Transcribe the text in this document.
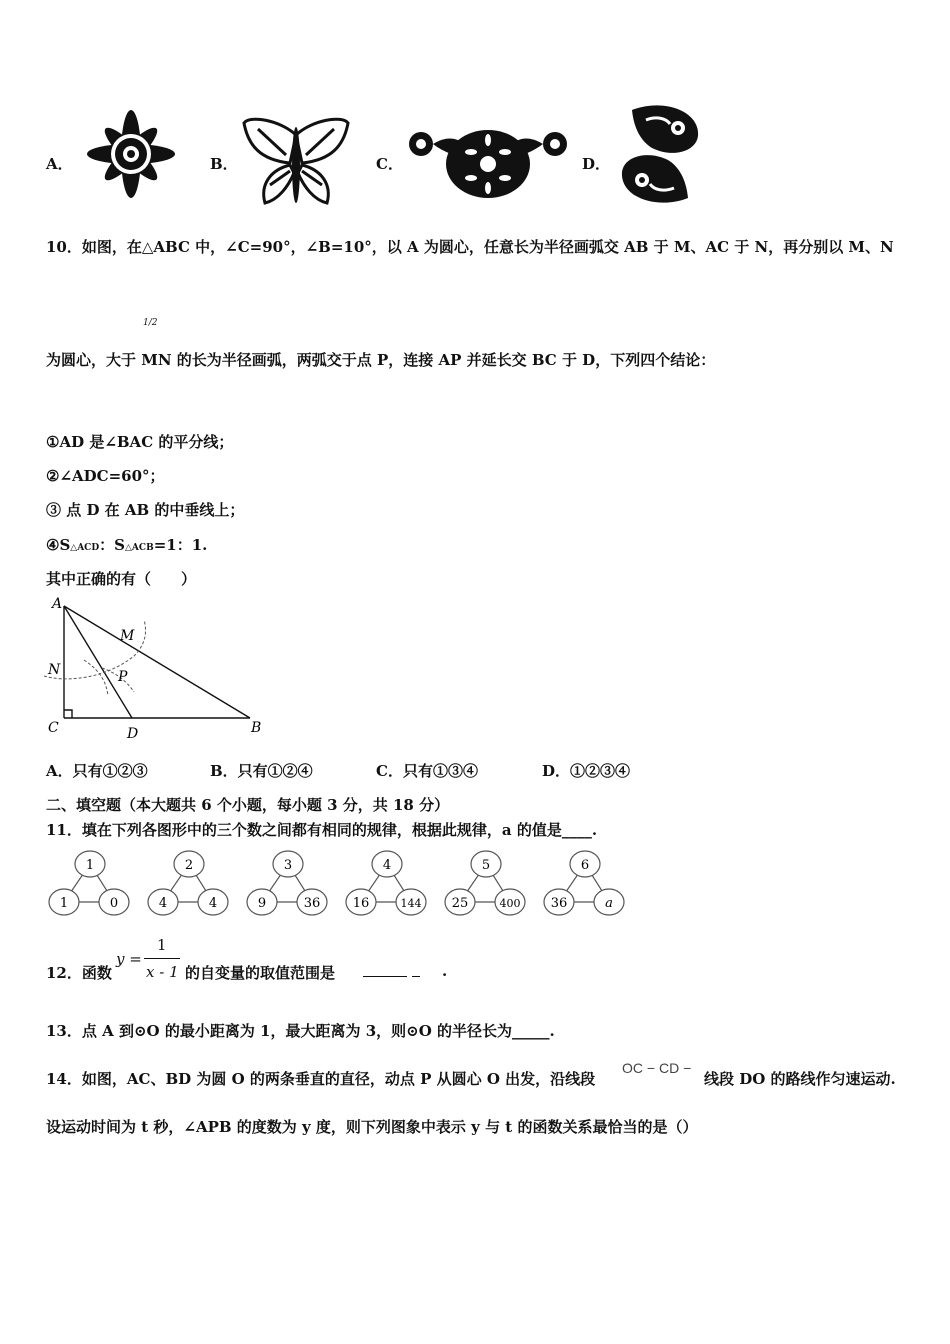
A．	B．	C．	D．
10．如图，在△ABC 中，∠C=90°，∠B=10°，以 A 为圆心，任意长为半径画弧交 AB 于 M、AC 于 N，再分别以 M、N
1/2
为圆心，大于 MN 的长为半径画弧，两弧交于点 P，连接 AP 并延长交 BC 于 D，下列四个结论：
①AD 是∠BAC 的平分线；
②∠ADC=60°；
③ 点 D 在 AB 的中垂线上；
④S△ACD：S△ACB=1：1.
其中正确的有（　　）
A
M
N	P
C	D	B
A．只有①②③	B．只有①②④	C．只有①③④	D．①②③④
二、填空题（本大题共 6 个小题，每小题 3 分，共 18 分）
11．填在下列各图形中的三个数之间都有相同的规律，根据此规律，a 的值是____.
1
1	0
2
4	4
3
9	36
4
16	144
5
25	400
6
36	a
12．函数
y =
1
x - 1 的自变量的取值范围是	.
13．点 A 到⊙O 的最小距离为 1，最大距离为 3，则⊙O 的半径长为_____.
14．如图，AC、BD 为圆 O 的两条垂直的直径，动点 P 从圆心 O 出发，沿线段
OC − CD −
线段 DO 的路线作匀速运动.
设运动时间为 t 秒，∠APB 的度数为 y 度，则下列图象中表示 y 与 t 的函数关系最恰当的是（）
